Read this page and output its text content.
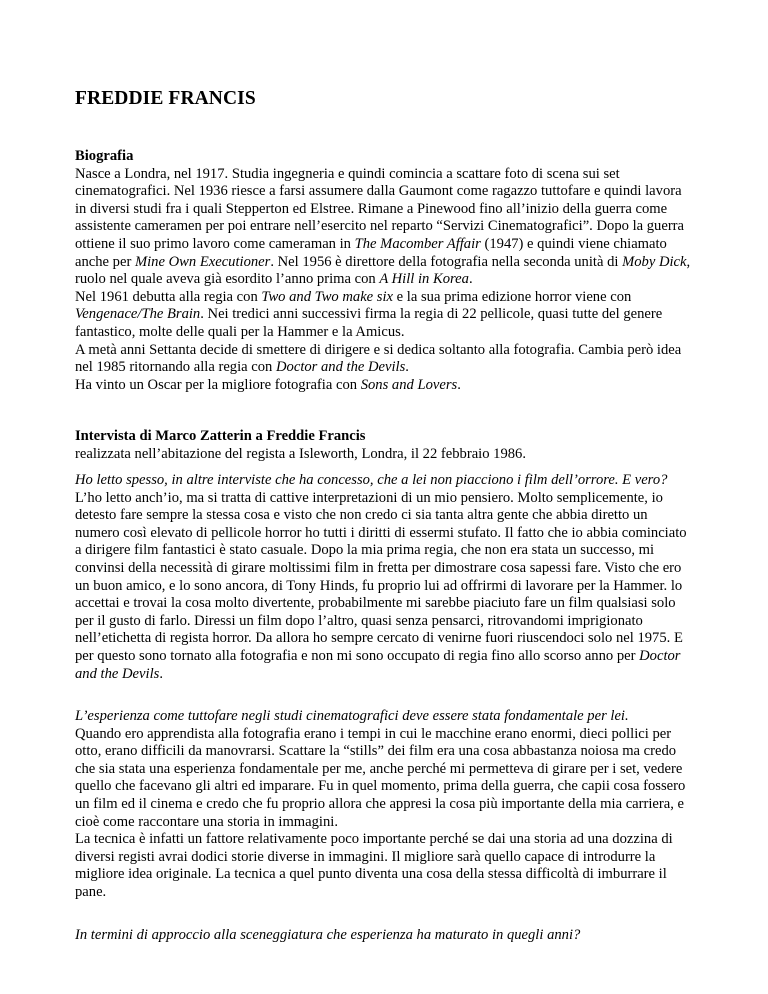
FREDDIE FRANCIS

Biografia

Nasce a Londra, nel 1917. Studia ingegneria e quindi comincia a scattare foto di scena sui set cinematografici. Nel 1936 riesce a farsi assumere dalla Gaumont come ragazzo tuttofare e quindi lavora in diversi studi fra i quali Stepperton ed Elstree. Rimane a Pinewood fino all’inizio della guerra come assistente cameramen per poi entrare nell’esercito nel reparto “Servizi Cinematografici”. Dopo la guerra ottiene il suo primo lavoro come cameraman in The Macomber Affair (1947) e quindi viene chiamato anche per Mine Own Executioner. Nel 1956 è direttore della fotografia nella seconda unità di Moby Dick, ruolo nel quale aveva già esordito l’anno prima con A Hill in Korea.

Nel 1961 debutta alla regia con Two and Two make six e la sua prima edizione horror viene con Vengenace/The Brain. Nei tredici anni successivi firma la regia di 22 pellicole, quasi tutte del genere fantastico, molte delle quali per la Hammer e la Amicus.

A metà anni Settanta decide di smettere di dirigere e si dedica soltanto alla fotografia. Cambia però idea nel 1985 ritornando alla regia con Doctor and the Devils.

Ha vinto un Oscar per la migliore fotografia con Sons and Lovers.

Intervista di Marco Zatterin a Freddie Francis

realizzata nell’abitazione del regista a Isleworth, Londra, il 22 febbraio 1986.

Ho letto spesso, in altre interviste che ha concesso, che a lei non piacciono i film dell’orrore. E vero?

L’ho letto anch’io, ma si tratta di cattive interpretazioni di un mio pensiero. Molto semplicemente, io detesto fare sempre la stessa cosa e visto che non credo ci sia tanta altra gente che abbia diretto un numero così elevato di pellicole horror ho tutti i diritti di essermi stufato. Il fatto che io abbia cominciato a dirigere film fantastici è stato casuale. Dopo la mia prima regia, che non era stata un successo, mi convinsi della necessità di girare moltissimi film in fretta per dimostrare cosa sapessi fare. Visto che ero un buon amico, e lo sono ancora, di Tony Hinds, fu proprio lui ad offrirmi di lavorare per la Hammer. lo accettai e trovai la cosa molto divertente, probabilmente mi sarebbe piaciuto fare un film qualsiasi solo per il gusto di farlo. Diressi un film dopo l’altro, quasi senza pensarci, ritrovandomi imprigionato nell’etichetta di regista horror. Da allora ho sempre cercato di venirne fuori riuscendoci solo nel 1975. E per questo sono tornato alla fotografia e non mi sono occupato di regia fino allo scorso anno per Doctor and the Devils.

L’esperienza come tuttofare negli studi cinematografici deve essere stata fondamentale per lei.

Quando ero apprendista alla fotografia erano i tempi in cui le macchine erano enormi, dieci pollici per otto, erano difficili da manovrarsi. Scattare la “stills” dei film era una cosa abbastanza noiosa ma credo che sia stata una esperienza fondamentale per me, anche perché mi permetteva di girare per i set, vedere quello che facevano gli altri ed imparare. Fu in quel momento, prima della guerra, che capii cosa fossero un film ed il cinema e credo che fu proprio allora che appresi la cosa più importante della mia carriera, e cioè come raccontare una storia in immagini.

La tecnica è infatti un fattore relativamente poco importante perché se dai una storia ad una dozzina di diversi registi avrai dodici storie diverse in immagini. Il migliore sarà quello capace di introdurre la migliore idea originale. La tecnica a quel punto diventa una cosa della stessa difficoltà di imburrare il pane.

In termini di approccio alla sceneggiatura che esperienza ha maturato in quegli anni?
